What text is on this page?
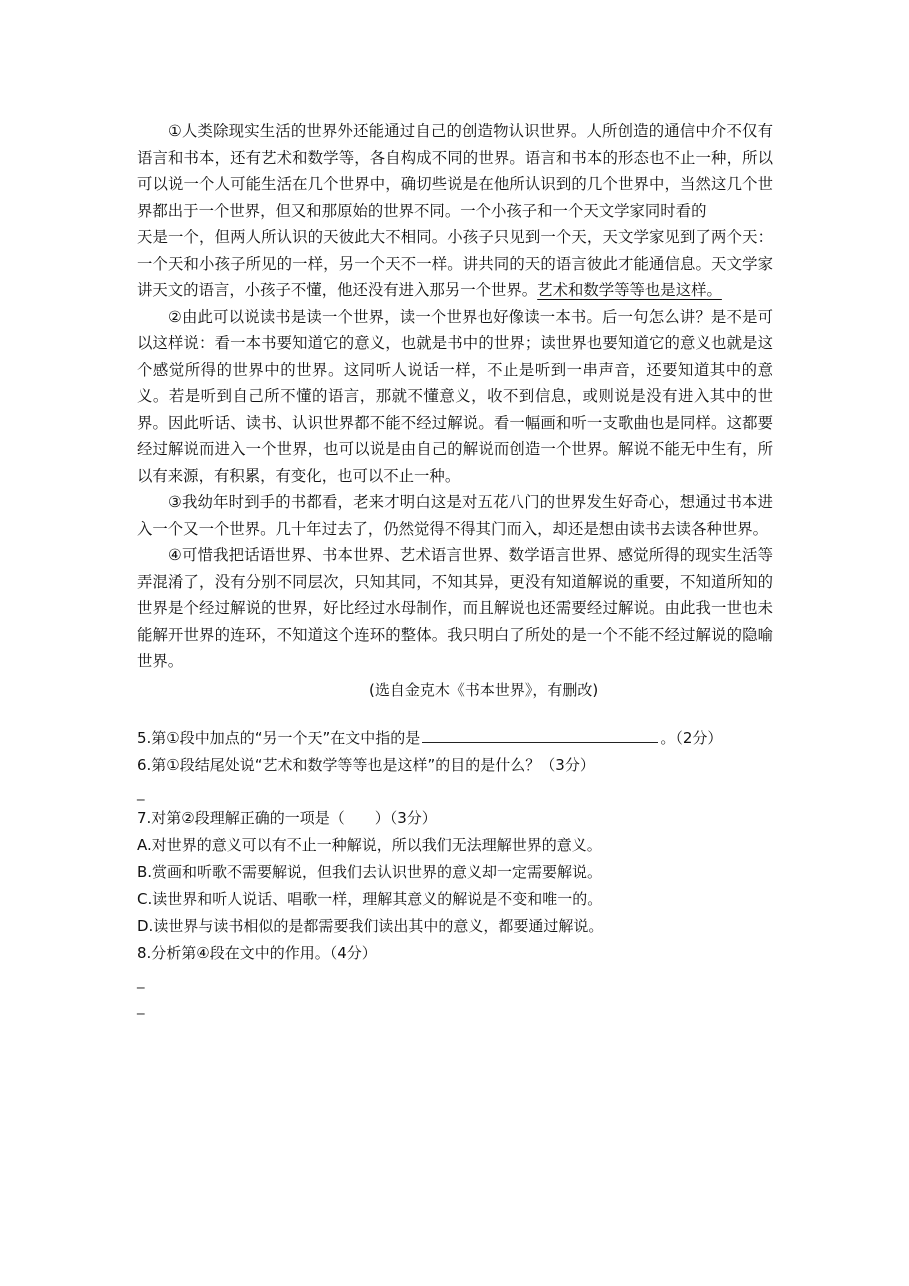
①人类除现实生活的世界外还能通过自己的创造物认识世界。人所创造的通信中介不仅有语言和书本，还有艺术和数学等，各自构成不同的世界。语言和书本的形态也不止一种，所以可以说一个人可能生活在几个世界中，确切些说是在他所认识到的几个世界中，当然这几个世界都出于一个世界，但又和那原始的世界不同。一个小孩子和一个天文学家同时看的
天是一个，但两人所认识的天彼此大不相同。小孩子只见到一个天，天文学家见到了两个天：一个天和小孩子所见的一样，另一个天不一样。讲共同的天的语言彼此才能通信息。天文学家讲天文的语言，小孩子不懂，他还没有进入那另一个世界。艺术和数学等等也是这样。

②由此可以说读书是读一个世界，读一个世界也好像读一本书。后一句怎么讲？是不是可以这样说：看一本书要知道它的意义，也就是书中的世界；读世界也要知道它的意义也就是这个感觉所得的世界中的世界。这同听人说话一样，不止是听到一串声音，还要知道其中的意义。若是听到自己所不懂的语言，那就不懂意义，收不到信息，或则说是没有进入其中的世界。因此听话、读书、认识世界都不能不经过解说。看一幅画和听一支歌曲也是同样。这都要经过解说而进入一个世界，也可以说是由自己的解说而创造一个世界。解说不能无中生有，所以有来源，有积累，有变化，也可以不止一种。

③我幼年时到手的书都看，老来才明白这是对五花八门的世界发生好奇心，想通过书本进入一个又一个世界。几十年过去了，仍然觉得不得其门而入，却还是想由读书去读各种世界。

④可惜我把话语世界、书本世界、艺术语言世界、数学语言世界、感觉所得的现实生活等弄混淆了，没有分别不同层次，只知其同，不知其异，更没有知道解说的重要，不知道所知的世界是个经过解说的世界，好比经过水母制作，而且解说也还需要经过解说。由此我一世也未能解开世界的连环，不知道这个连环的整体。我只明白了所处的是一个不能不经过解说的隐喻世界。

(选自金克木《书本世界》，有删改)

5.第①段中加点的“另一个天”在文中指的是	。（2分）

6.第①段结尾处说“艺术和数学等等也是这样”的目的是什么？（3分）

_

7.对第②段理解正确的一项是（　　）（3分）

A.对世界的意义可以有不止一种解说，所以我们无法理解世界的意义。

B.赏画和听歌不需要解说，但我们去认识世界的意义却一定需要解说。

C.读世界和听人说话、唱歌一样，理解其意义的解说是不变和唯一的。

D.读世界与读书相似的是都需要我们读出其中的意义，都要通过解说。

8.分析第④段在文中的作用。（4分）

_

_
